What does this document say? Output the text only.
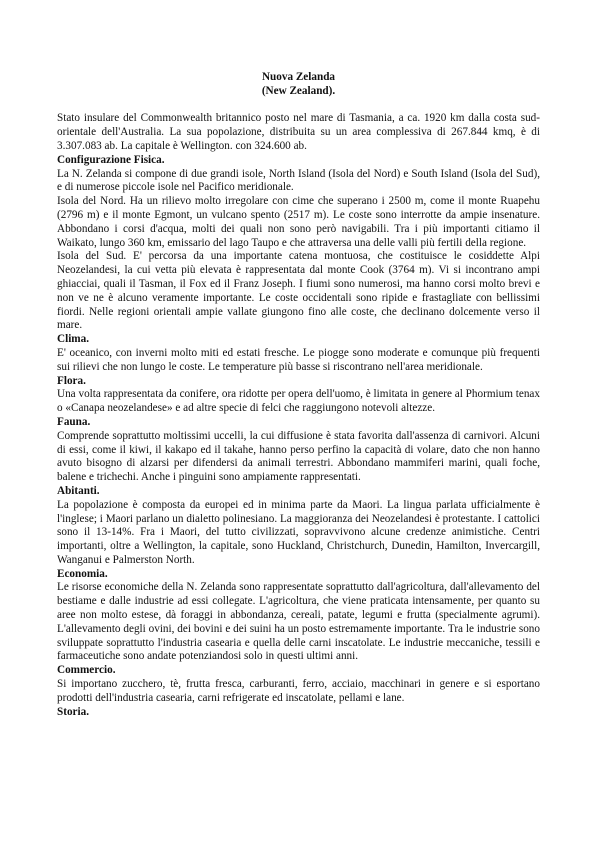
Nuova Zelanda
(New Zealand).

Stato insulare del Commonwealth britannico posto nel mare di Tasmania, a ca. 1920 km dalla costa sud-orientale dell'Australia. La sua popolazione, distribuita su un area complessiva di 267.844 kmq, è di 3.307.083 ab. La capitale è Wellington. con 324.600 ab.

Configurazione Fisica.

La N. Zelanda si compone di due grandi isole, North Island (Isola del Nord) e South Island (Isola del Sud), e di numerose piccole isole nel Pacifico meridionale.

Isola del Nord. Ha un rilievo molto irregolare con cime che superano i 2500 m, come il monte Ruapehu (2796 m) e il monte Egmont, un vulcano spento (2517 m). Le coste sono interrotte da ampie insenature. Abbondano i corsi d'acqua, molti dei quali non sono però navigabili. Tra i più importanti citiamo il Waikato, lungo 360 km, emissario del lago Taupo e che attraversa una delle valli più fertili della regione.

Isola del Sud. E' percorsa da una importante catena montuosa, che costituisce le cosiddette Alpi Neozelandesi, la cui vetta più elevata è rappresentata dal monte Cook (3764 m). Vi si incontrano ampi ghiacciai, quali il Tasman, il Fox ed il Franz Joseph. I fiumi sono numerosi, ma hanno corsi molto brevi e non ve ne è alcuno veramente importante. Le coste occidentali sono ripide e frastagliate con bellissimi fiordi. Nelle regioni orientali ampie vallate giungono fino alle coste, che declinano dolcemente verso il mare.

Clima.

E' oceanico, con inverni molto miti ed estati fresche. Le piogge sono moderate e comunque più frequenti sui rilievi che non lungo le coste. Le temperature più basse si riscontrano nell'area meridionale.

Flora.

Una volta rappresentata da conifere, ora ridotte per opera dell'uomo, è limitata in genere al Phormium tenax o «Canapa neozelandese» e ad altre specie di felci che raggiungono notevoli altezze.

Fauna.

Comprende soprattutto moltissimi uccelli, la cui diffusione è stata favorita dall'assenza di carnivori. Alcuni di essi, come il kiwi, il kakapo ed il takahe, hanno perso perfino la capacità di volare, dato che non hanno avuto bisogno di alzarsi per difendersi da animali terrestri. Abbondano mammiferi marini, quali foche, balene e trichechi. Anche i pinguini sono ampiamente rappresentati.

Abitanti.

La popolazione è composta da europei ed in minima parte da Maori. La lingua parlata ufficialmente è l'inglese; i Maori parlano un dialetto polinesiano. La maggioranza dei Neozelandesi è protestante. I cattolici sono il 13-14%. Fra i Maori, del tutto civilizzati, sopravvivono alcune credenze animistiche. Centri importanti, oltre a Wellington, la capitale, sono Huckland, Christchurch, Dunedin, Hamilton, Invercargill, Wanganui e Palmerston North.

Economia.

Le risorse economiche della N. Zelanda sono rappresentate soprattutto dall'agricoltura, dall'allevamento del bestiame e dalle industrie ad essi collegate. L'agricoltura, che viene praticata intensamente, per quanto su aree non molto estese, dà foraggi in abbondanza, cereali, patate, legumi e frutta (specialmente agrumi). L'allevamento degli ovini, dei bovini e dei suini ha un posto estremamente importante. Tra le industrie sono sviluppate soprattutto l'industria casearia e quella delle carni inscatolate. Le industrie meccaniche, tessili e farmaceutiche sono andate potenziandosi solo in questi ultimi anni.

Commercio.

Si importano zucchero, tè, frutta fresca, carburanti, ferro, acciaio, macchinari in genere e si esportano prodotti dell'industria casearia, carni refrigerate ed inscatolate, pellami e lane.

Storia.
